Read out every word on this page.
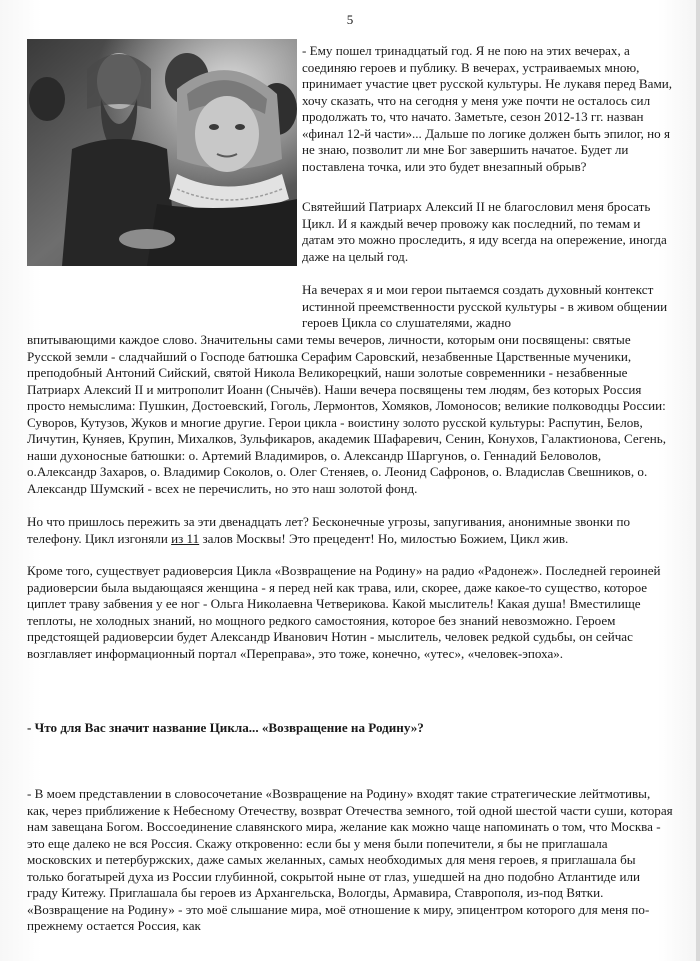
5

- Ему пошел тринадцатый год. Я не пою на этих вечерах, а соединяю героев и публику. В вечерах, устраиваемых мною, принимает участие цвет русской культуры. Не лукавя перед Вами, хочу сказать, что на сегодня у меня уже почти не осталось сил продолжать то, что начато. Заметьте, сезон 2012-13 гг. назван «финал 12-й части»... Дальше по логике должен быть эпилог, но я не знаю, позволит ли мне Бог завершить начатое. Будет ли поставлена точка, или это будет внезапный обрыв?

Святейший Патриарх Алексий II не благословил меня бросать Цикл. И я каждый вечер провожу как последний, по темам и датам это можно проследить, я иду всегда на опережение, иногда даже на целый год.

На вечерах я и мои герои пытаемся создать духовный контекст истинной преемственности русской культуры - в живом общении героев Цикла со слушателями, жадно

впитывающими каждое слово. Значительны сами темы вечеров, личности, которым они посвящены: святые Русской земли - сладчайший о Господе батюшка Серафим Саровский, незабвенные Царственные мученики, преподобный Антоний Сийский, святой Никола Великорецкий, наши золотые современники - незабвенные Патриарх Алексий II и митрополит Иоанн (Снычёв). Наши вечера посвящены тем людям, без которых Россия просто немыслима: Пушкин, Достоевский, Гоголь, Лермонтов, Хомяков, Ломоносов; великие полководцы России: Суворов, Кутузов, Жуков и многие другие. Герои цикла - воистину золото русской культуры: Распутин, Белов, Личутин, Куняев, Крупин, Михалков, Зульфикаров, академик Шафаревич, Сенин, Конухов, Галактионова, Сегень, наши духоносные батюшки: о. Артемий Владимиров, о. Александр Шаргунов, о. Геннадий Беловолов, о.Александр Захаров, о. Владимир Соколов, о. Олег Стеняев, о. Леонид Сафронов, о. Владислав Свешников, о. Александр Шумский - всех не перечислить, но это наш золотой фонд.

Но что пришлось пережить за эти двенадцать лет? Бесконечные угрозы, запугивания, анонимные звонки по телефону. Цикл изгоняли из 11 залов Москвы! Это прецедент! Но, милостью Божием, Цикл жив.

Кроме того, существует радиоверсия Цикла «Возвращение на Родину» на радио «Радонеж». Последней героиней радиоверсии была выдающаяся женщина - я перед ней как трава, или, скорее, даже какое-то существо, которое циплет траву забвения у ее ног - Ольга Николаевна Четверикова. Какой мыслитель! Какая душа! Вместилище теплоты, не холодных знаний, но мощного редкого самостояния, которое без знаний невозможно. Героем предстоящей радиоверсии будет Александр Иванович Нотин - мыслитель, человек редкой судьбы, он сейчас возглавляет информационный портал «Переправа», это тоже, конечно, «утес», «человек-эпоха».

- Что для Вас значит название Цикла... «Возвращение на Родину»?

- В моем представлении в словосочетание «Возвращение на Родину» входят такие стратегические лейтмотивы, как, через приближение к Небесному Отечеству, возврат Отечества земного, той одной шестой части суши, которая нам завещана Богом. Воссоединение славянского мира, желание как можно чаще напоминать о том, что Москва - это еще далеко не вся Россия. Скажу откровенно: если бы у меня были попечители, я бы не приглашала московских и петербуржских, даже самых желанных, самых необходимых для меня героев, я приглашала бы только богатырей духа из России глубинной, сокрытой ныне от глаз, ушедшей на дно подобно Атлантиде или граду Китежу. Приглашала бы героев из Архангельска, Вологды, Армавира, Ставрополя, из-под Вятки. «Возвращение на Родину» - это моё слышание мира, моё отношение к миру, эпицентром которого для меня по-прежнему остается Россия, как
